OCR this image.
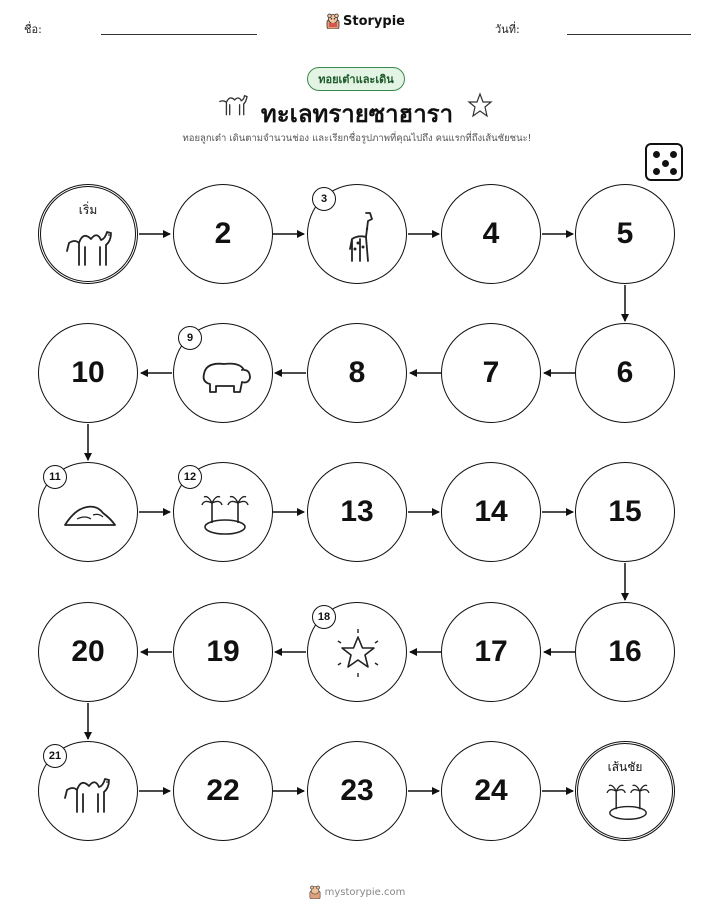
ชื่อ:
Storypie
วันที่:
ทอยเต๋าและเดิน
ทะเลทรายซาฮารา
ทอยลูกเต๋า เดินตามจำนวนช่อง และเรียกชื่อรูปภาพที่คุณไปถึง คนแรกที่ถึงเส้นชัยชนะ!
เริ่ม
2
3
4	5
10
9
8	7	6
11	12
13	14	15
20	19
18
17	16
21
22	23	24
เส้นชัย
mystorypie.com
